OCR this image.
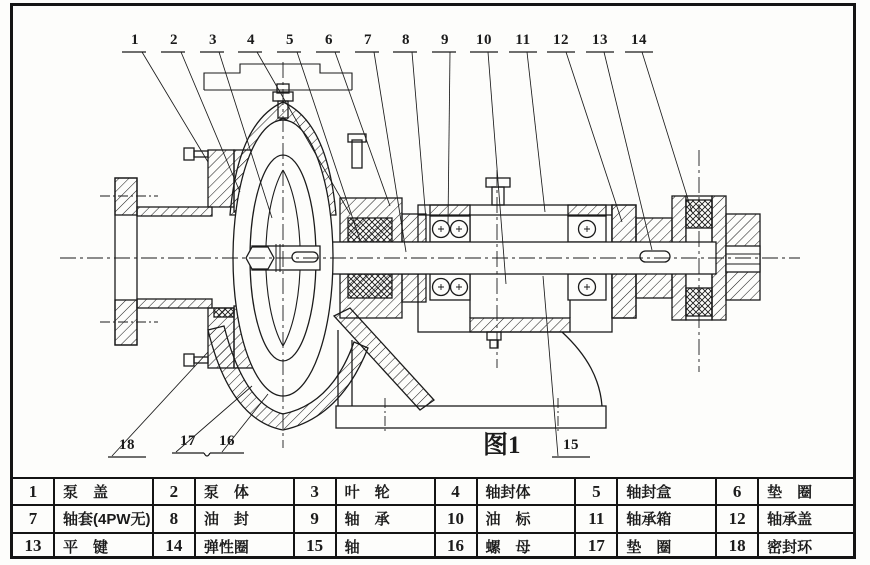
1 2 3 4 5 6 7 8 9 10 11 12 13 14
18	17 16	15
图1
1	泵　盖	2	泵　体	3	叶　轮	4	轴封体	5	轴封盒	6	垫　圈
7	轴套(4PW无)	8	油　封	9	轴　承	10	油　标	11	轴承箱	12	轴承盖
13	平　键	14	弹性圈	15	轴	16	螺　母	17	垫　圈	18	密封环
